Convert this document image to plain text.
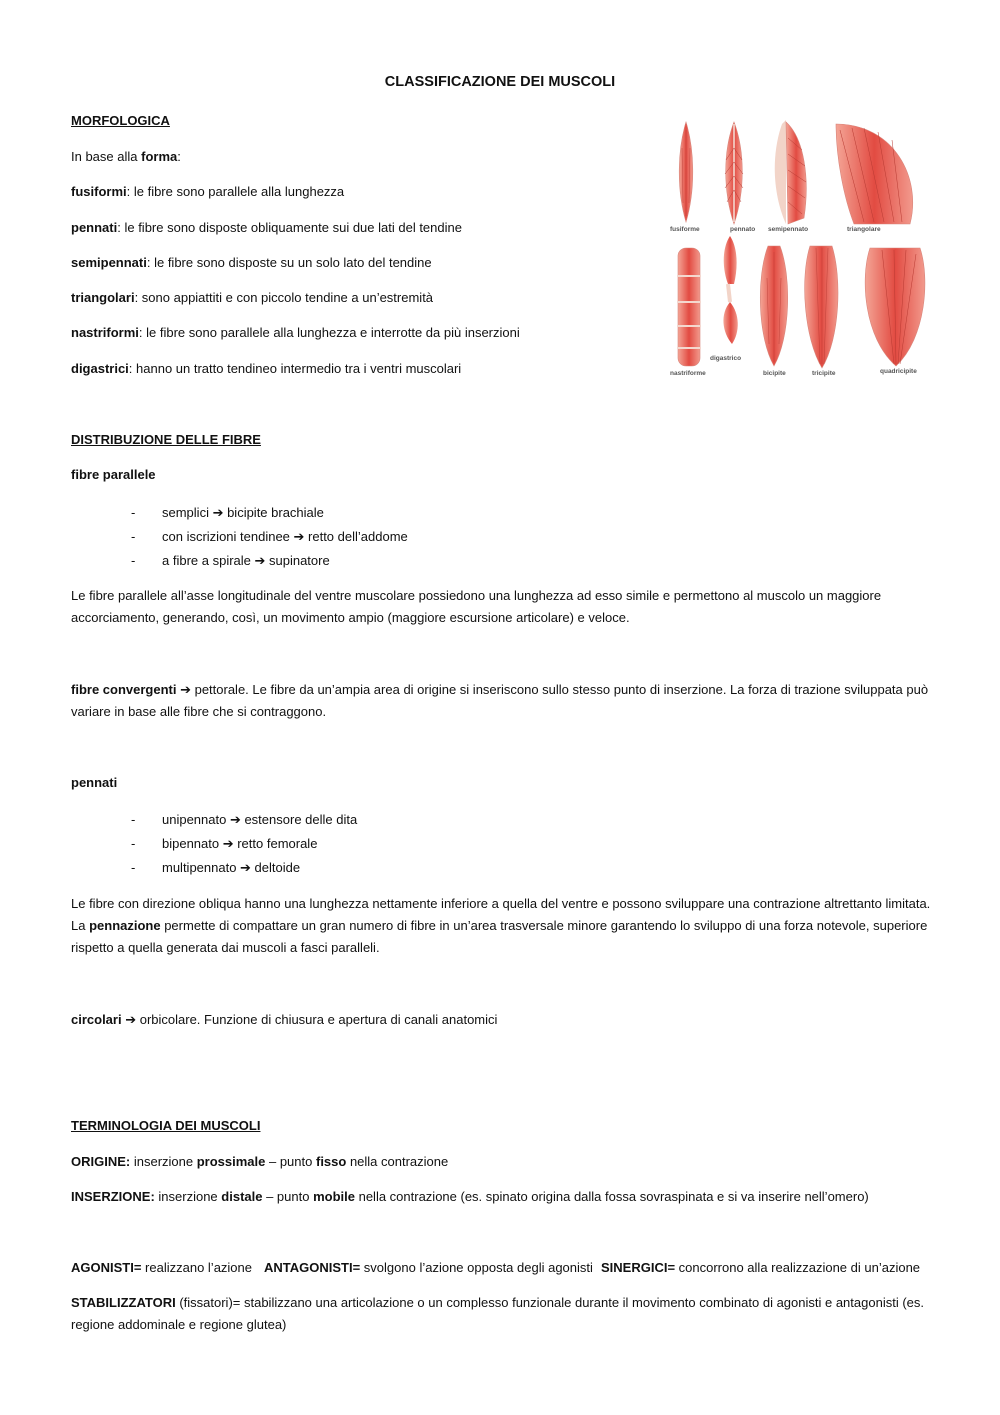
CLASSIFICAZIONE DEI MUSCOLI
MORFOLOGICA
In base alla forma:
fusiformi: le fibre sono parallele alla lunghezza
pennati: le fibre sono disposte obliquamente sui due lati del tendine
semipennati: le fibre sono disposte su un solo lato del tendine
triangolari: sono appiattiti e con piccolo tendine a un’estremità
nastriformi: le fibre sono parallele alla lunghezza e interrotte da più inserzioni
digastrici: hanno un tratto tendineo intermedio tra i ventri muscolari
fusiforme	pennato semipennato	triangolare
digastrico
nastriforme	bicipite	tricipite	quadricipite
DISTRIBUZIONE DELLE FIBRE
fibre parallele
- semplici ➔ bicipite brachiale
- con iscrizioni tendinee ➔ retto dell’addome
- a fibre a spirale ➔ supinatore
Le fibre parallele all’asse longitudinale del ventre muscolare possiedono una lunghezza ad esso simile e permettono al muscolo un maggiore accorciamento, generando, così, un movimento ampio (maggiore escursione articolare) e veloce.
fibre convergenti ➔ pettorale. Le fibre da un’ampia area di origine si inseriscono sullo stesso punto di inserzione. La forza di trazione sviluppata può variare in base alle fibre che si contraggono.
pennati
- unipennato ➔ estensore delle dita
- bipennato ➔ retto femorale
- multipennato ➔ deltoide
Le fibre con direzione obliqua hanno una lunghezza nettamente inferiore a quella del ventre e possono sviluppare una contrazione altrettanto limitata. La pennazione permette di compattare un gran numero di fibre in un’area trasversale minore garantendo lo sviluppo di una forza notevole, superiore rispetto a quella generata dai muscoli a fasci paralleli.
circolari ➔ orbicolare. Funzione di chiusura e apertura di canali anatomici
TERMINOLOGIA DEI MUSCOLI
ORIGINE: inserzione prossimale – punto fisso nella contrazione
INSERZIONE: inserzione distale – punto mobile nella contrazione (es. spinato origina dalla fossa sovraspinata e si va inserire nell’omero)
AGONISTI= realizzano l’azione ANTAGONISTI= svolgono l’azione opposta degli agonisti SINERGICI= concorrono alla realizzazione di un’azione
STABILIZZATORI (fissatori)= stabilizzano una articolazione o un complesso funzionale durante il movimento combinato di agonisti e antagonisti (es. regione addominale e regione glutea)
